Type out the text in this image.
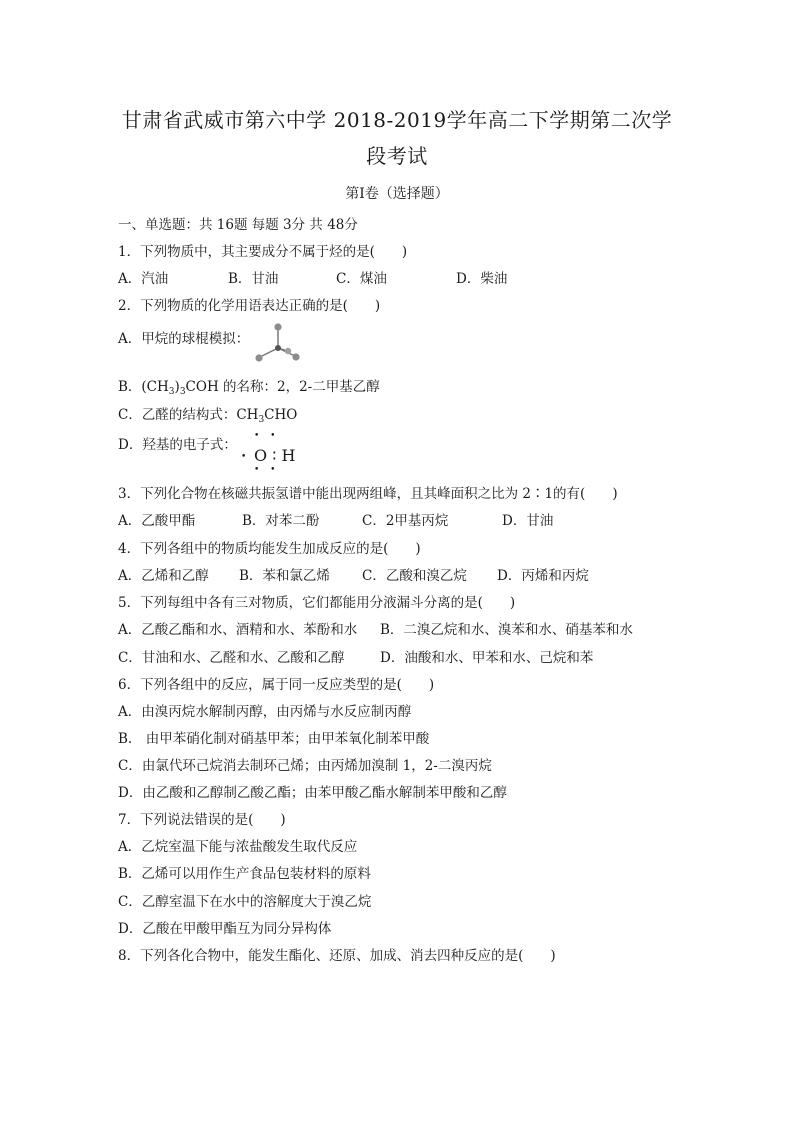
甘肃省武威市第六中学 2018-2019学年高二下学期第二次学
段考试
第Ⅰ卷（选择题）
一、单选题：共 16题 每题 3分 共 48分
1．下列物质中，其主要成分不属于烃的是(　　)
A．汽油	B．甘油	C．煤油	D．柴油
2．下列物质的化学用语表达正确的是(　　)
A．甲烷的球棍模拟：
B．$(CH_3)_3COH$ 的名称：2，2-二甲基乙醇
C．乙醛的结构式：$CH_3CHO$
D．羟基的电子式：
• •
• O ∶ H
• •
3．下列化合物在核磁共振氢谱中能出现两组峰，且其峰面积之比为 2∶1的有(　　)
A．乙酸甲酯	B．对苯二酚	C．2甲基丙烷	D．甘油
4．下列各组中的物质均能发生加成反应的是(　　)
A．乙烯和乙醇 B．苯和氯乙烯 C．乙酸和溴乙烷 D．丙烯和丙烷
5．下列每组中各有三对物质，它们都能用分液漏斗分离的是(　　)
A．乙酸乙酯和水、酒精和水、苯酚和水 B．二溴乙烷和水、溴苯和水、硝基苯和水
C．甘油和水、乙醛和水、乙酸和乙醇	D．油酸和水、甲苯和水、己烷和苯
6．下列各组中的反应，属于同一反应类型的是(　　)
A．由溴丙烷水解制丙醇，由丙烯与水反应制丙醇
B.　由甲苯硝化制对硝基甲苯；由甲苯氧化制苯甲酸
C．由氯代环己烷消去制环己烯；由丙烯加溴制 1，2-二溴丙烷
D．由乙酸和乙醇制乙酸乙酯；由苯甲酸乙酯水解制苯甲酸和乙醇
7．下列说法错误的是(　　)
A．乙烷室温下能与浓盐酸发生取代反应
B．乙烯可以用作生产食品包装材料的原料
C．乙醇室温下在水中的溶解度大于溴乙烷
D．乙酸在甲酸甲酯互为同分异构体
8．下列各化合物中，能发生酯化、还原、加成、消去四种反应的是(　　)
